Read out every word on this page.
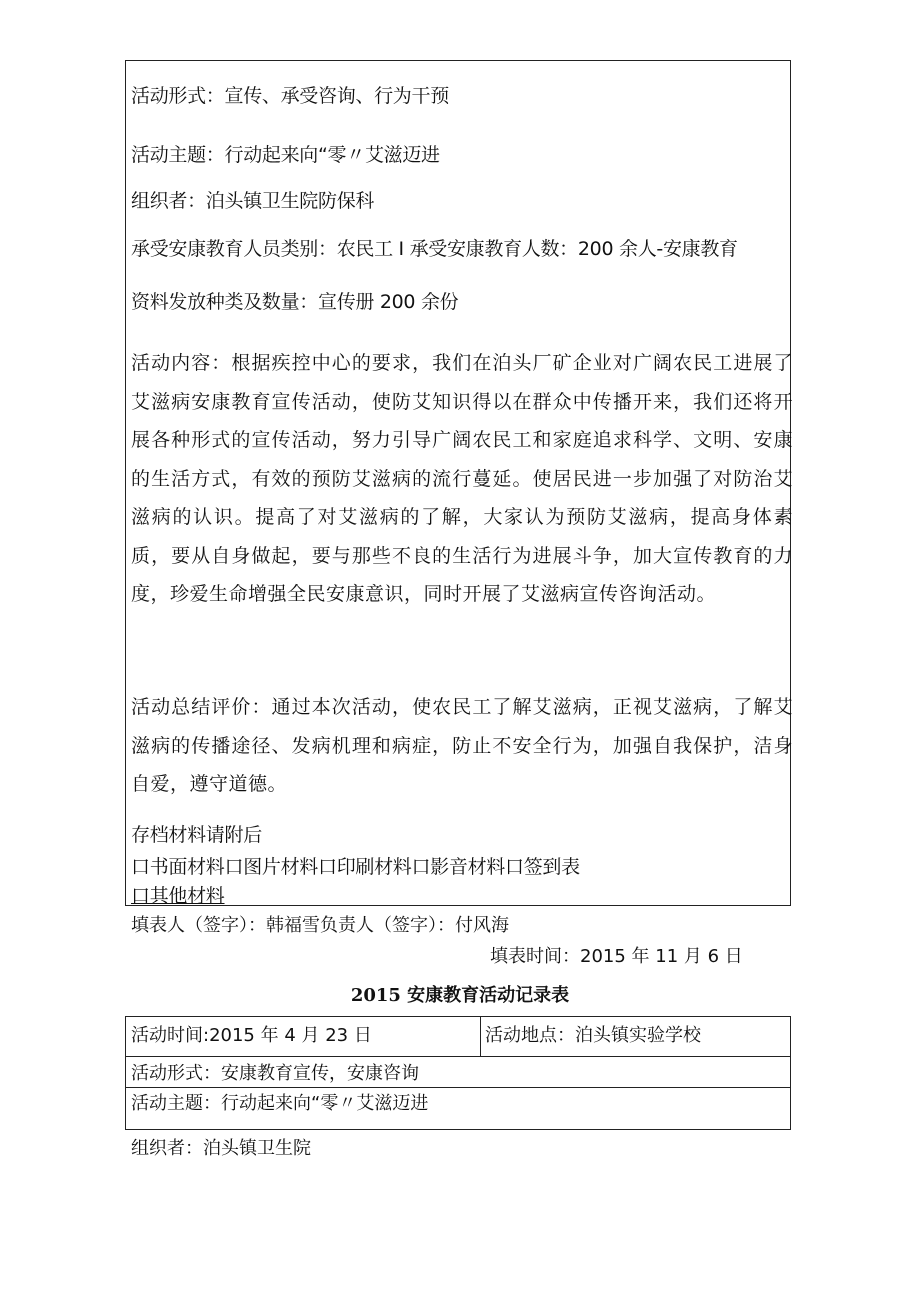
活动形式：宣传、承受咨询、行为干预
活动主题：行动起来向“零〃艾滋迈进
组织者：泊头镇卫生院防保科
承受安康教育人员类别：农民工 I 承受安康教育人数：200 余人‐安康教育
资料发放种类及数量：宣传册 200 余份
活动内容：根据疾控中心的要求，我们在泊头厂矿企业对广阔农民工进展了艾滋病安康教育宣传活动，使防艾知识得以在群众中传播开来，我们还将开展各种形式的宣传活动，努力引导广阔农民工和家庭追求科学、文明、安康的生活方式，有效的预防艾滋病的流行蔓延。使居民进一步加强了对防治艾滋病的认识。提高了对艾滋病的了解，大家认为预防艾滋病，提高身体素质，要从自身做起，要与那些不良的生活行为进展斗争，加大宣传教育的力度，珍爱生命增强全民安康意识，同时开展了艾滋病宣传咨询活动。
活动总结评价：通过本次活动，使农民工了解艾滋病，正视艾滋病，了解艾滋病的传播途径、发病机理和病症，防止不安全行为，加强自我保护，洁身自爱，遵守道德。
存档材料请附后
口书面材料口图片材料口印刷材料口影音材料口签到表
口其他材料
填表人（签字）：韩福雪负责人（签字）：付风海
填表时间：2015 年 11 月 6 日
2015 安康教育活动记录表
活动时间:2015 年 4 月 23 日	活动地点：泊头镇实验学校
活动形式：安康教育宣传，安康咨询
活动主题：行动起来向“零〃艾滋迈进
组织者：泊头镇卫生院
